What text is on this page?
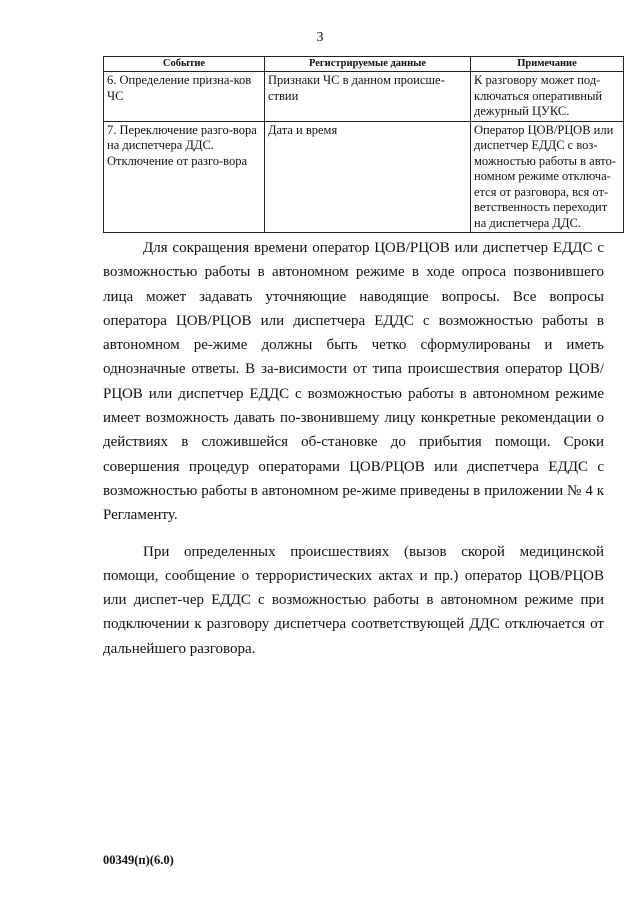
3
Событие	Регистрируемые данные	Примечание
6. Определение призна-ков ЧС	Признаки ЧС в данном происше-ствии	К разговору может под-ключаться оперативный дежурный ЦУКС.
7. Переключение разго-вора на диспетчера ДДС. Отключение от разго-вора	Дата и время	Оператор ЦОВ/РЦОВ или диспетчер ЕДДС с воз-можностью работы в авто-номном режиме отключа-ется от разговора, вся от-ветственность переходит на диспетчера ДДС.

Для сокращения времени оператор ЦОВ/РЦОВ или диспетчер ЕДДС с возможностью работы в автономном режиме в ходе опроса позвонившего лица может задавать уточняющие наводящие вопросы. Все вопросы оператора ЦОВ/РЦОВ или диспетчера ЕДДС с возможностью работы в автономном ре-жиме должны быть четко сформулированы и иметь однозначные ответы. В за-висимости от типа происшествия оператор ЦОВ/РЦОВ или диспетчер ЕДДС с возможностью работы в автономном режиме имеет возможность давать по-звонившему лицу конкретные рекомендации о действиях в сложившейся об-становке до прибытия помощи. Сроки совершения процедур операторами ЦОВ/РЦОВ или диспетчера ЕДДС с возможностью работы в автономном ре-жиме приведены в приложении № 4 к Регламенту.

При определенных происшествиях (вызов скорой медицинской помощи, сообщение о террористических актах и пр.) оператор ЦОВ/РЦОВ или диспет-чер ЕДДС с возможностью работы в автономном режиме при подключении к разговору диспетчера соответствующей ДДС отключается от дальнейшего разговора.

00349(п)(6.0)
